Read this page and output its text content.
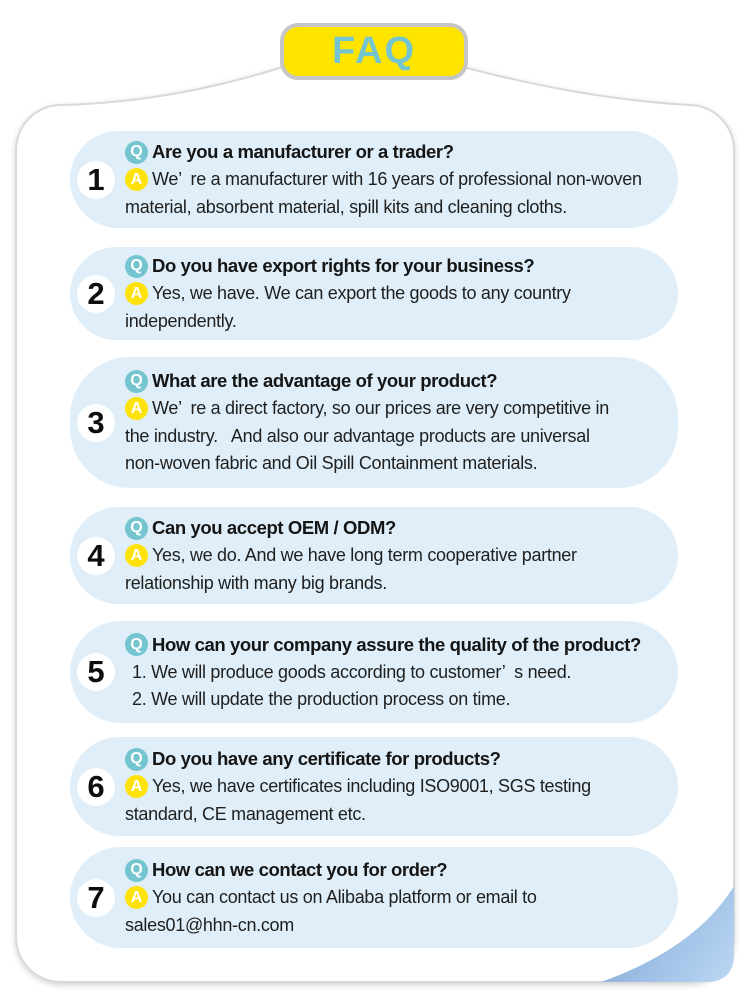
FAQ
1
Q Are you a manufacturer or a trader?
A We’  re a manufacturer with 16 years of professional non-woven
material, absorbent material, spill kits and cleaning cloths.
2
Q Do you have export rights for your business?
A Yes, we have. We can export the goods to any country
independently.
3
Q What are the advantage of your product?
A We’  re a direct factory, so our prices are very competitive in
the industry.   And also our advantage products are universal
non-woven fabric and Oil Spill Containment materials.
4
Q Can you accept OEM / ODM?
A Yes, we do. And we have long term cooperative partner
relationship with many big brands.
5
Q How can your company assure the quality of the product?
1. We will produce goods according to customer’  s need.
2. We will update the production process on time.
6
Q Do you have any certificate for products?
A Yes, we have certificates including ISO9001, SGS testing
standard, CE management etc.
7
Q How can we contact you for order?
A You can contact us on Alibaba platform or email to
sales01@hhn-cn.com
